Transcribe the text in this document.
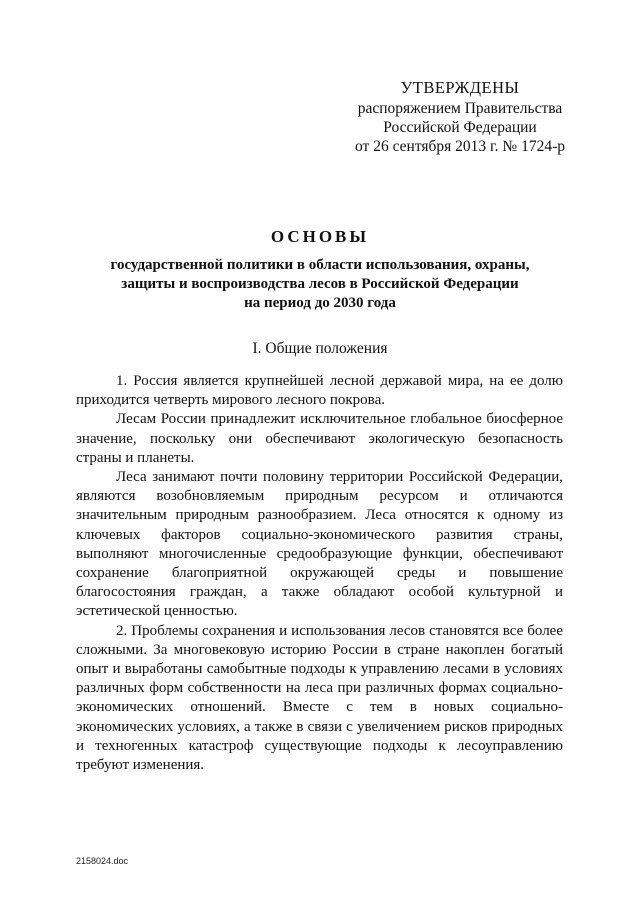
УТВЕРЖДЕНЫ
распоряжением Правительства
Российской Федерации
от 26 сентября 2013 г. № 1724-р
ОСНОВЫ
государственной политики в области использования, охраны,
защиты и воспроизводства лесов в Российской Федерации
на период до 2030 года
I. Общие положения

1. Россия является крупнейшей лесной державой мира, на ее долю приходится четверть мирового лесного покрова.

Лесам России принадлежит исключительное глобальное биосферное значение, поскольку они обеспечивают экологическую безопасность страны и планеты.

Леса занимают почти половину территории Российской Федерации, являются возобновляемым природным ресурсом и отличаются значительным природным разнообразием. Леса относятся к одному из ключевых факторов социально-экономического развития страны, выполняют многочисленные средообразующие функции, обеспечивают сохранение благоприятной окружающей среды и повышение благосостояния граждан, а также обладают особой культурной и эстетической ценностью.

2. Проблемы сохранения и использования лесов становятся все более сложными. За многовековую историю России в стране накоплен богатый опыт и выработаны самобытные подходы к управлению лесами в условиях различных форм собственности на леса при различных формах социально-экономических отношений. Вместе с тем в новых социально-экономических условиях, а также в связи с увеличением рисков природных и техногенных катастроф существующие подходы к лесоуправлению требуют изменения.

2158024.doc
